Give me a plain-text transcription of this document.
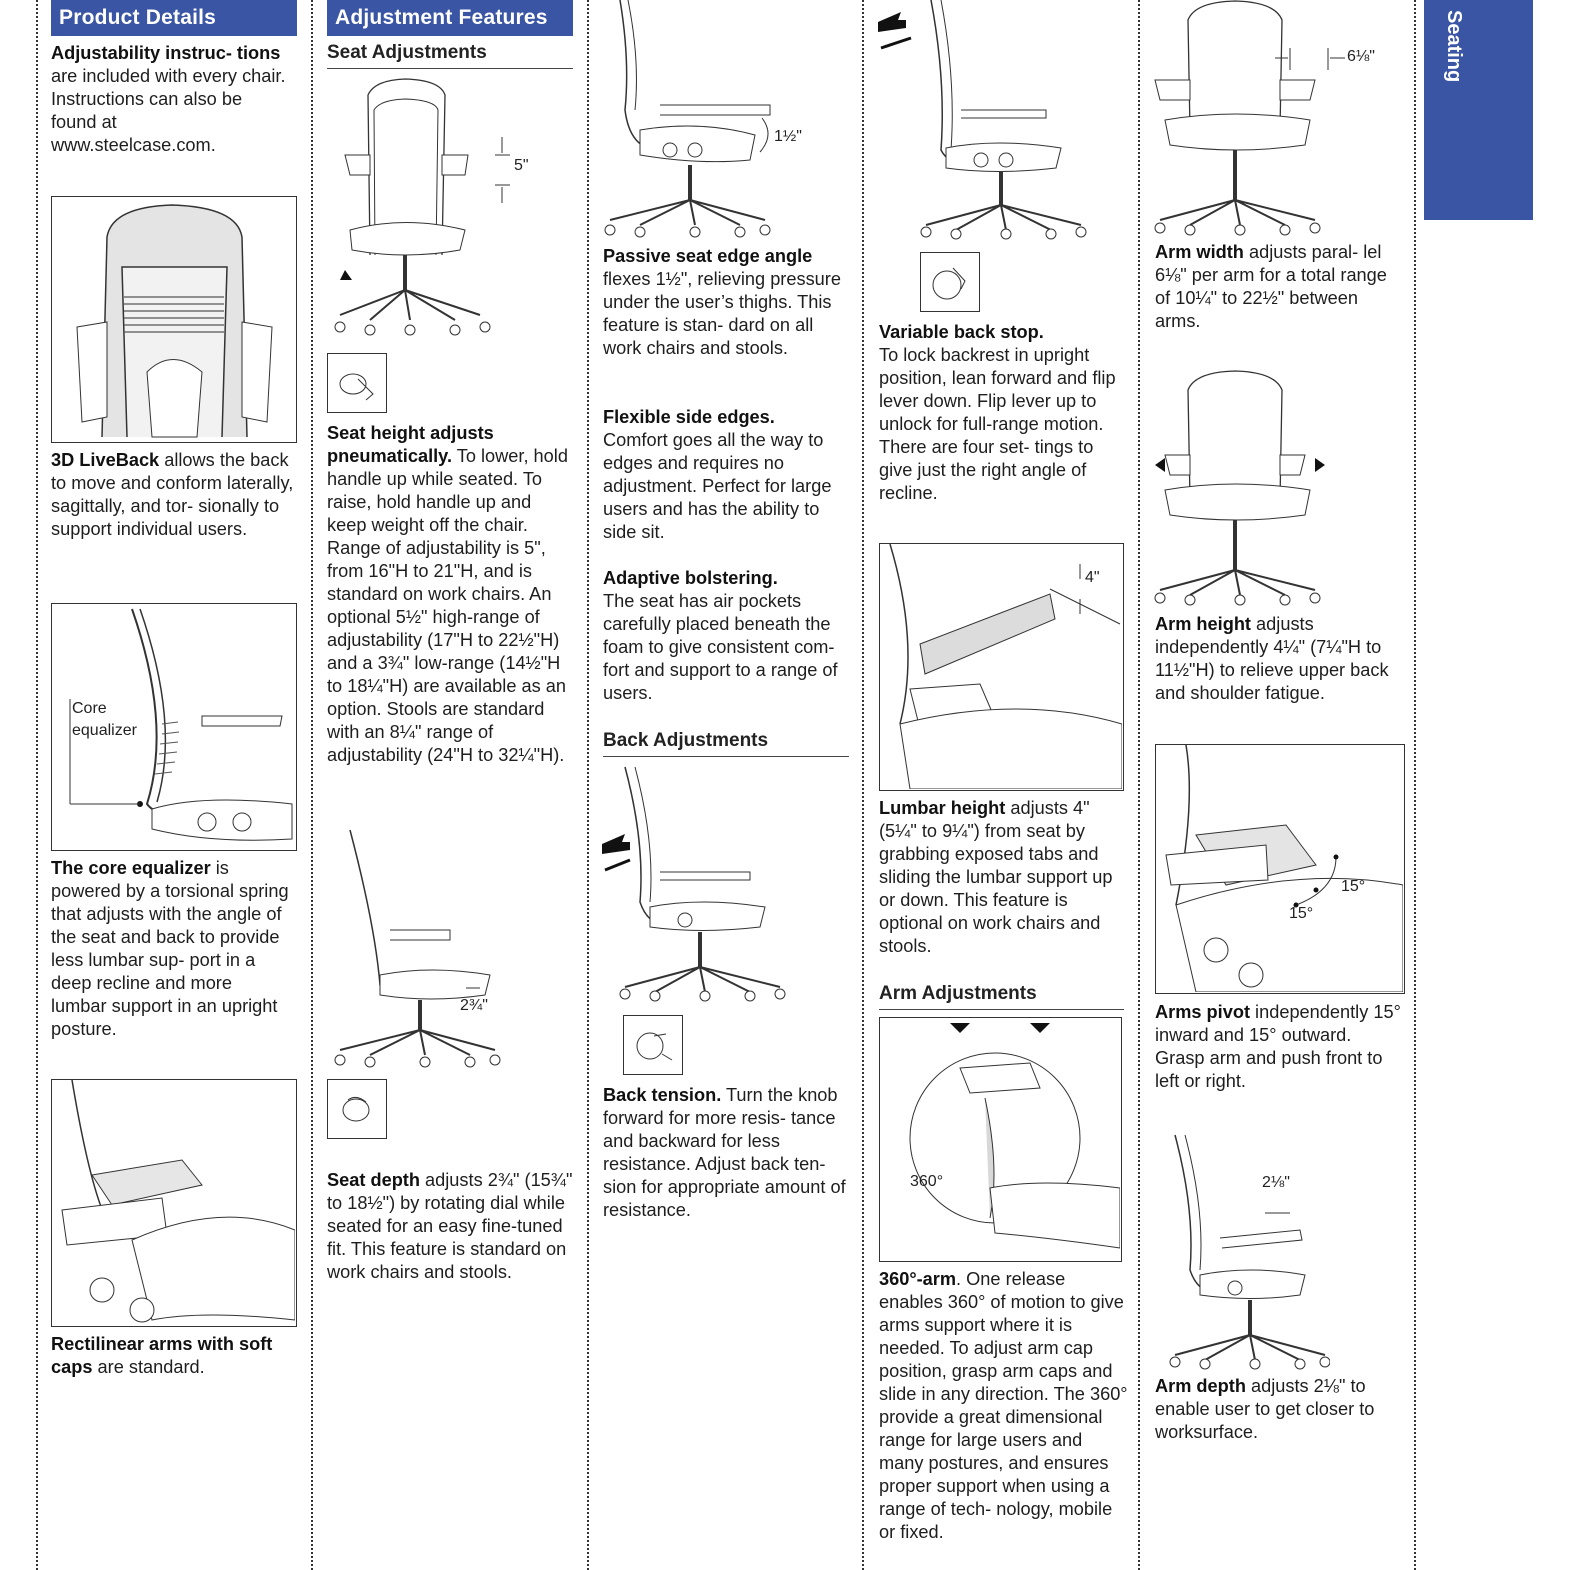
Seating
Product Details
Adjustability instruc- tions are included with every chair. Instructions can also be found at www.steelcase.com.
3D LiveBack allows the back to move and conform laterally, sagittally, and tor- sionally to support individual users.
Core equalizer
The core equalizer is powered by a torsional spring that adjusts with the angle of the seat and back to provide less lumbar sup- port in a deep recline and more lumbar support in an upright posture.
Rectilinear arms with soft caps are standard.
Adjustment Features
Seat Adjustments
5"
Seat height adjusts pneumatically. To lower, hold handle up while seated. To raise, hold handle up and keep weight off the chair. Range of adjustability is 5", from 16"H to 21"H, and is standard on work chairs. An optional 5½" high-range of adjustability (17"H to 22½"H) and a 3¾" low-range (14½"H to 18¼"H) are available as an option. Stools are standard with an 8¼" range of adjustability (24"H to 32¼"H).
2¾"
Seat depth adjusts 2¾" (15¾" to 18½") by rotating dial while seated for an easy fine-tuned fit. This feature is standard on work chairs and stools.
1½"
Passive seat edge angle flexes 1½", relieving pressure under the user’s thighs. This feature is stan- dard on all work chairs and stools.
Flexible side edges.
Comfort goes all the way to edges and requires no adjustment. Perfect for large users and has the ability to side sit.
Adaptive bolstering.
The seat has air pockets carefully placed beneath the foam to give consistent com- fort and support to a range of users.
Back Adjustments
Back tension. Turn the knob forward for more resis- tance and backward for less resistance. Adjust back ten- sion for appropriate amount of resistance.
Variable back stop.
To lock backrest in upright position, lean forward and flip lever down. Flip lever up to unlock for full-range motion. There are four set- tings to give just the right angle of recline.
4"
Lumbar height adjusts 4" (5¼" to 9¼") from seat by grabbing exposed tabs and sliding the lumbar support up or down. This feature is optional on work chairs and stools.
Arm Adjustments
360°
360°-arm. One release enables 360° of motion to give arms support where it is needed. To adjust arm cap position, grasp arm caps and slide in any direction. The 360° provide a great dimensional range for large users and many postures, and ensures proper support when using a range of tech- nology, mobile or fixed.
6⅛"
Arm width adjusts paral- lel 6⅛" per arm for a total range of 10¼" to 22½" between arms.
Arm height adjusts independently 4¼" (7¼"H to 11½"H) to relieve upper back and shoulder fatigue.
15°
15°
Arms pivot independently 15° inward and 15° outward. Grasp arm and push front to left or right.
2⅛"
Arm depth adjusts 2⅛" to enable user to get closer to worksurface.
